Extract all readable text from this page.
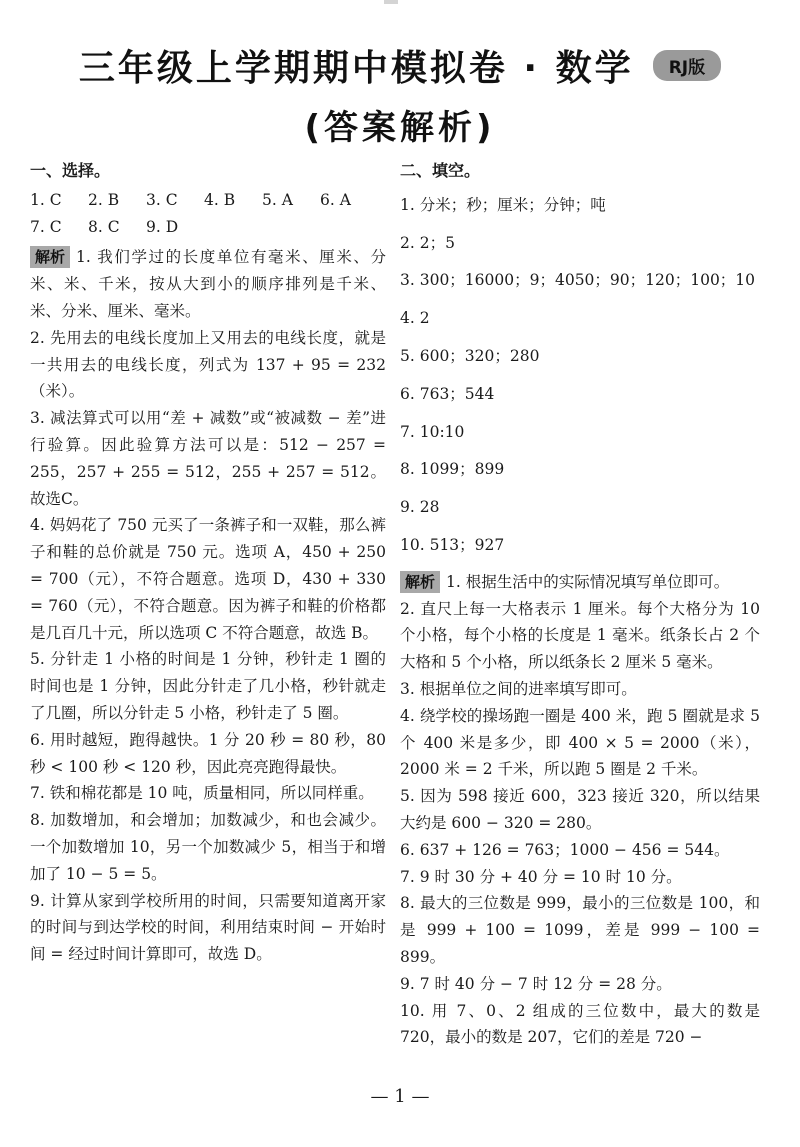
三年级上学期期中模拟卷 · 数学 RJ版
(答案解析)
一、选择。
1. C	2. B	3. C	4. B	5. A	6. A
7. C	8. C	9. D
解析 1. 我们学过的长度单位有毫米、厘米、分米、米、千米，按从大到小的顺序排列是千米、米、分米、厘米、毫米。
2. 先用去的电线长度加上又用去的电线长度，就是一共用去的电线长度，列式为 137 + 95 = 232（米）。
3. 减法算式可以用“差 + 减数”或“被减数 − 差”进行验算。因此验算方法可以是：512 − 257 = 255，257 + 255 = 512，255 + 257 = 512。故选C。
4. 妈妈花了 750 元买了一条裤子和一双鞋，那么裤子和鞋的总价就是 750 元。选项 A，450 + 250 = 700（元），不符合题意。选项 D，430 + 330 = 760（元），不符合题意。因为裤子和鞋的价格都是几百几十元，所以选项 C 不符合题意，故选 B。
5. 分针走 1 小格的时间是 1 分钟，秒针走 1 圈的时间也是 1 分钟，因此分针走了几小格，秒针就走了几圈，所以分针走 5 小格，秒针走了 5 圈。
6. 用时越短，跑得越快。1 分 20 秒 = 80 秒，80 秒 < 100 秒 < 120 秒，因此亮亮跑得最快。
7. 铁和棉花都是 10 吨，质量相同，所以同样重。
8. 加数增加，和会增加；加数减少，和也会减少。一个加数增加 10，另一个加数减少 5，相当于和增加了 10 − 5 = 5。
9. 计算从家到学校所用的时间，只需要知道离开家的时间与到达学校的时间，利用结束时间 − 开始时间 = 经过时间计算即可，故选 D。
二、填空。
1. 分米；秒；厘米；分钟；吨
2. 2；5
3. 300；16000；9；4050；90；120；100；10
4. 2
5. 600；320；280
6. 763；544
7. 10:10
8. 1099；899
9. 28
10. 513；927
解析 1. 根据生活中的实际情况填写单位即可。
2. 直尺上每一大格表示 1 厘米。每个大格分为 10 个小格，每个小格的长度是 1 毫米。纸条长占 2 个大格和 5 个小格，所以纸条长 2 厘米 5 毫米。
3. 根据单位之间的进率填写即可。
4. 绕学校的操场跑一圈是 400 米，跑 5 圈就是求 5 个 400 米是多少，即 400 × 5 = 2000（米），2000 米 = 2 千米，所以跑 5 圈是 2 千米。
5. 因为 598 接近 600，323 接近 320，所以结果大约是 600 − 320 = 280。
6. 637 + 126 = 763；1000 − 456 = 544。
7. 9 时 30 分 + 40 分 = 10 时 10 分。
8. 最大的三位数是 999，最小的三位数是 100，和是 999 + 100 = 1099，差是 999 − 100 = 899。
9. 7 时 40 分 − 7 时 12 分 = 28 分。
10. 用 7、0、2 组成的三位数中，最大的数是 720，最小的数是 207，它们的差是 720 −
— 1 —
